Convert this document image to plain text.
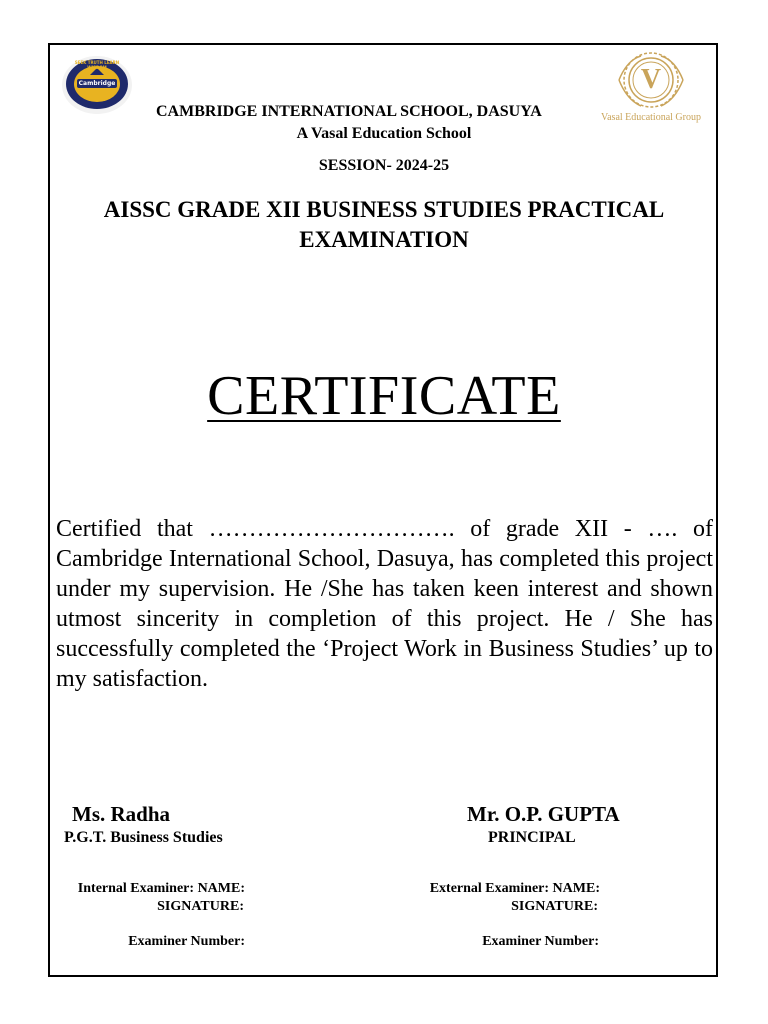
SEEK TRUTH LEARN WISDOM
Cambridge
DASUYA
V
Vasal Educational Group
CAMBRIDGE INTERNATIONAL SCHOOL, DASUYA
A Vasal Education School
SESSION- 2024-25
AISSC GRADE XII BUSINESS STUDIES PRACTICAL EXAMINATION
CERTIFICATE
Certified that …………………………. of grade XII - …. of Cambridge International School, Dasuya, has completed this project under my supervision. He /She has taken keen interest and shown utmost sincerity in completion of this project. He / She has successfully completed the ‘Project Work in Business Studies’ up to my satisfaction.
Ms. Radha
P.G.T. Business Studies
Mr. O.P. GUPTA
PRINCIPAL
Internal Examiner: NAME:
SIGNATURE:
Examiner Number:
External Examiner: NAME:
SIGNATURE:
Examiner Number:
